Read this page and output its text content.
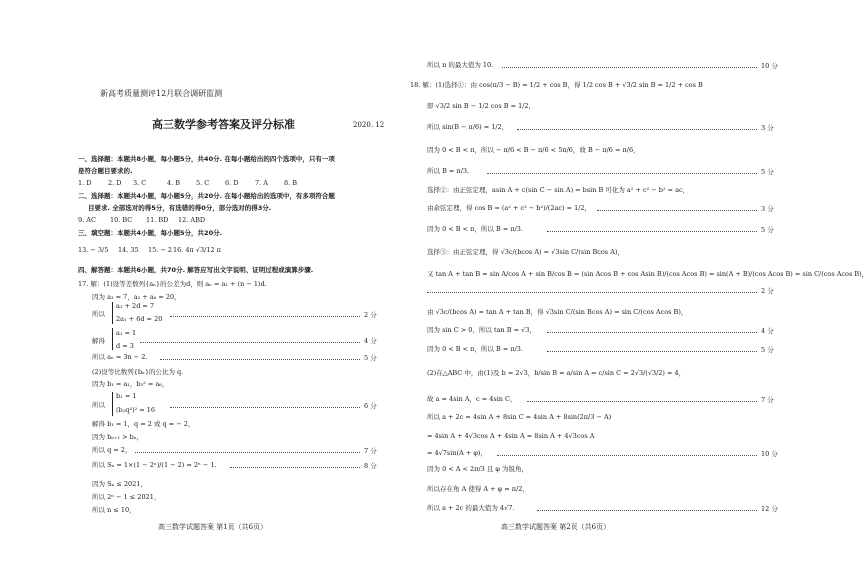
新高考质量测评12月联合调研监测
高三数学参考答案及评分标准	2020. 12
一、选择题：本题共8小题，每小题5分，共40分. 在每小题给出的四个选项中，只有一项
是符合题目要求的.
1. D	2. D 3. C	4. B 5. C 6. D	7. A 8. B
二、选择题：本题共4小题，每小题5分，共20分. 在每小题给出的选项中，有多项符合题
目要求. 全部选对的得5分，有选错的得0分，部分选对的得3分.
9. AC 10. BC 11. BD 12. ABD
三、填空题：本题共4小题，每小题5分，共20分.
13. − 3/5 14. 35 15. − 2 16. 4π √3/12 π
四、解答题：本题共6小题，共70分. 解答应写出文字说明、证明过程或演算步骤.
17. 解：(1)设等差数列{aₙ}的公差为d，则 aₙ = a₁ + (n − 1)d.
因为 a₃ = 7，a₂ + a₆ = 20，
所以
a₁ + 2d = 7
2a₁ + 6d = 20	2 分
解得
a₁ = 1
d = 3
4 分
所以 aₙ = 3n − 2.	5 分
(2)设等比数列{bₙ}的公比为 q.
因为 b₁ = a₁，b₃² = a₆，
所以
b₁ = 1
(b₁q²)² = 16	6 分
解得 b₁ = 1，q = 2 或 q = − 2，
因为 bₙ₊₁ > bₙ，
所以 q = 2，	7 分
所以 Sₙ = 1×(1 − 2ⁿ)/(1 − 2) = 2ⁿ − 1.	8 分
因为 Sₙ ≤ 2021，
所以 2ⁿ − 1 ≤ 2021，
所以 n ≤ 10，
高三数学试题答案 第1页（共6页）
所以 n 的最大值为 10.	10 分
18. 解：(1)选择①：由 cos(π/3 − B) = 1/2 + cos B，得 1/2 cos B + √3/2 sin B = 1/2 + cos B
即 √3/2 sin B − 1/2 cos B = 1/2，
所以 sin(B − π/6) = 1/2，	3 分
因为 0 < B < π，所以 − π/6 < B − π/6 < 5π/6，故 B − π/6 = π/6，
所以 B = π/3.	5 分
选择②：由正弦定理，asin A + c(sin C − sin A) = bsin B 可化为 a² + c² − b² = ac，
由余弦定理，得 cos B = (a² + c² − b²)/(2ac) = 1/2，	3 分
因为 0 < B < π，所以 B = π/3.	5 分
选择③：由正弦定理，得 √3c/(bcos A) = √3sin C/(sin Bcos A)，
又 tan A + tan B = sin A/cos A + sin B/cos B = (sin Acos B + cos Asin B)/(cos Acos B) = sin(A + B)/(cos Acos B) = sin C/(cos Acos B)，
2 分
由 √3c/(bcos A) = tan A + tan B，得 √3sin C/(sin Bcos A) = sin C/(cos Acos B)，
因为 sin C > 0，所以 tan B = √3，	4 分
因为 0 < B < π，所以 B = π/3.	5 分
(2)在△ABC 中，由(1)及 b = 2√3，b/sin B = a/sin A = c/sin C = 2√3/(√3/2) = 4，
故 a = 4sin A，c = 4sin C，	7 分
所以 a + 2c = 4sin A + 8sin C = 4sin A + 8sin(2π/3 − A)
= 4sin A + 4√3cos A + 4sin A = 8sin A + 4√3cos A
= 4√7sin(A + φ)，	10 分
因为 0 < A < 2π/3 且 φ 为锐角，
所以存在角 A 使得 A + φ = π/2，
所以 a + 2c 的最大值为 4√7.	12 分
高三数学试题答案 第2页（共6页）
